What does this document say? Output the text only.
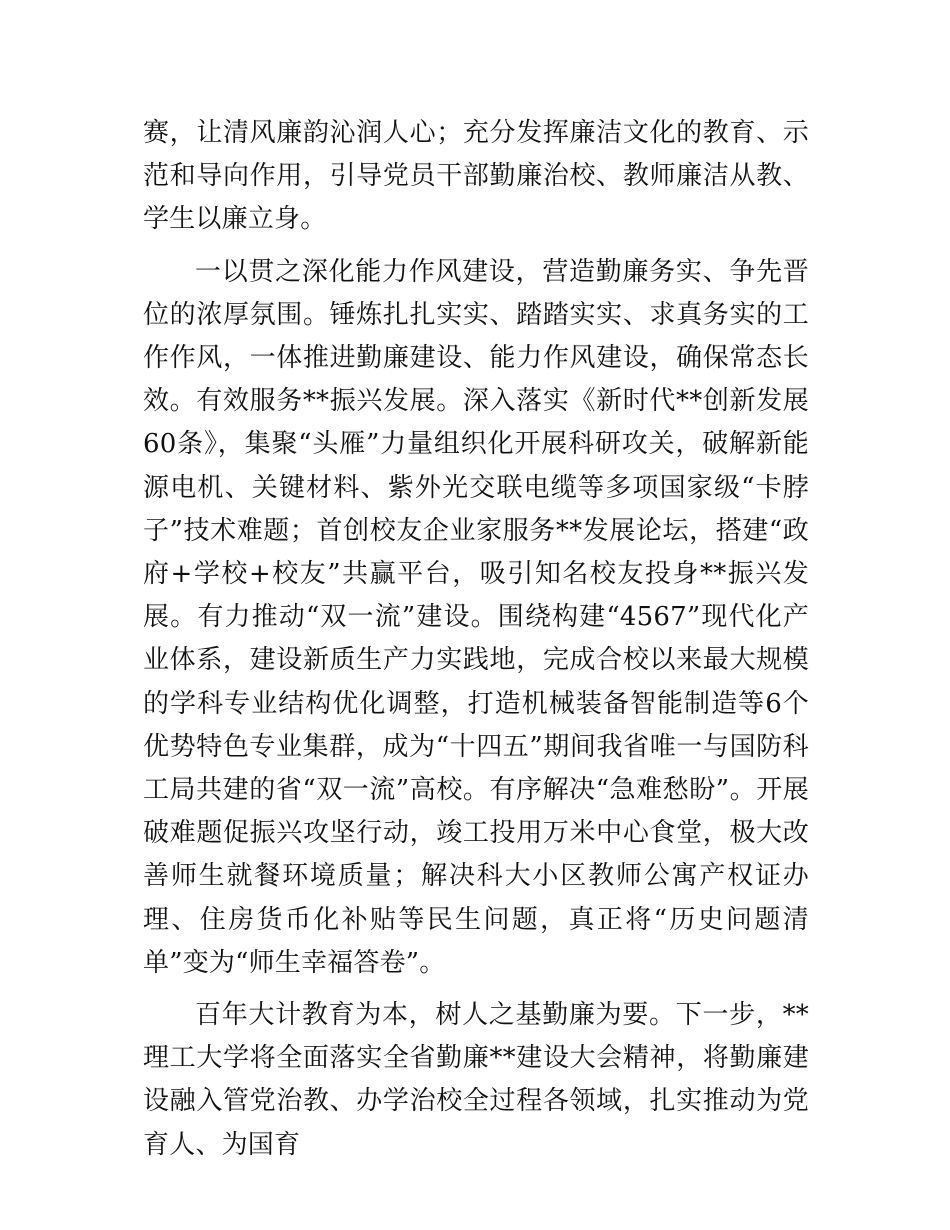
赛，让清风廉韵沁润人心；充分发挥廉洁文化的教育、示范和导向作用，引导党员干部勤廉治校、教师廉洁从教、学生以廉立身。

一以贯之深化能力作风建设，营造勤廉务实、争先晋位的浓厚氛围。锤炼扎扎实实、踏踏实实、求真务实的工作作风，一体推进勤廉建设、能力作风建设，确保常态长效。有效服务**振兴发展。深入落实《新时代**创新发展60条》，集聚“头雁”力量组织化开展科研攻关，破解新能源电机、关键材料、紫外光交联电缆等多项国家级“卡脖子”技术难题；首创校友企业家服务**发展论坛，搭建“政府+学校+校友”共赢平台，吸引知名校友投身**振兴发展。有力推动“双一流”建设。围绕构建“4567”现代化产业体系，建设新质生产力实践地，完成合校以来最大规模的学科专业结构优化调整，打造机械装备智能制造等6个优势特色专业集群，成为“十四五”期间我省唯一与国防科工局共建的省“双一流”高校。有序解决“急难愁盼”。开展破难题促振兴攻坚行动，竣工投用万米中心食堂，极大改善师生就餐环境质量；解决科大小区教师公寓产权证办理、住房货币化补贴等民生问题，真正将“历史问题清单”变为“师生幸福答卷”。

百年大计教育为本，树人之基勤廉为要。下一步，**理工大学将全面落实全省勤廉**建设大会精神，将勤廉建设融入管党治教、办学治校全过程各领域，扎实推动为党育人、为国育
